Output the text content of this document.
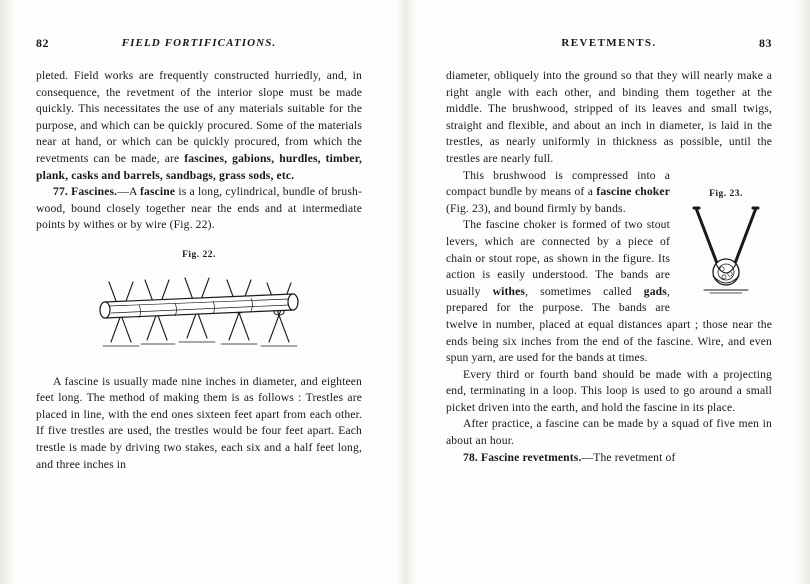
82	FIELD FORTIFICATIONS.

pleted. Field works are frequently constructed hurriedly, and, in consequence, the revetment of the interior slope must be made quickly. This necessitates the use of any materials suitable for the purpose, and which can be quickly procured. Some of the materials near at hand, or which can be quickly procured, from which the revetments can be made, are fascines, gabions, hurdles, timber, plank, casks and barrels, sandbags, grass sods, etc.

77. Fascines.—A fascine is a long, cylindrical, bundle of brush-wood, bound closely together near the ends and at intermediate points by withes or by wire (Fig. 22).

Fig. 22.

A fascine is usually made nine inches in diameter, and eighteen feet long. The method of making them is as follows : Trestles are placed in line, with the end ones sixteen feet apart from each other. If five trestles are used, the trestles would be four feet apart. Each trestle is made by driving two stakes, each six and a half feet long, and three inches in

REVETMENTS.	83

diameter, obliquely into the ground so that they will nearly make a right angle with each other, and binding them together at the middle. The brushwood, stripped of its leaves and small twigs, straight and flexible, and about an inch in diameter, is laid in the trestles, as nearly uniformly in thickness as possible, until the trestles are nearly full.

Fig. 23.

This brushwood is compressed into a compact bundle by means of a fascine choker (Fig. 23), and bound firmly by bands.

The fascine choker is formed of two stout levers, which are connected by a piece of chain or stout rope, as shown in the figure. Its action is easily understood. The bands are usually withes, sometimes called gads, prepared for the purpose. The bands are twelve in number, placed at equal distances apart ; those near the ends being six inches from the end of the fascine. Wire, and even spun yarn, are used for the bands at times.

Every third or fourth band should be made with a projecting end, terminating in a loop. This loop is used to go around a small picket driven into the earth, and hold the fascine in its place.

After practice, a fascine can be made by a squad of five men in about an hour.

78. Fascine revetments.—The revetment of
